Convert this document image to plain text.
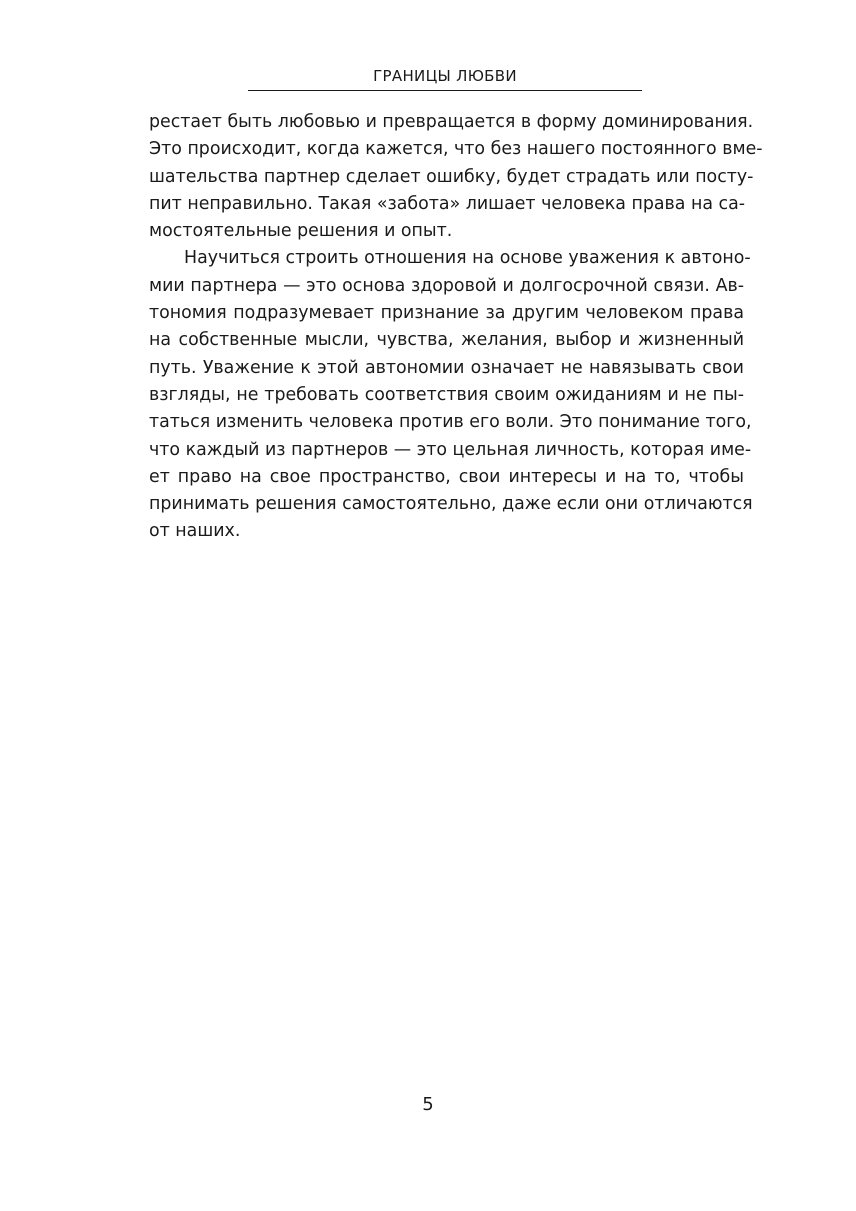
ГРАНИЦЫ ЛЮБВИ
рестает быть любовью и превращается в форму доминирования.
Это происходит, когда кажется, что без нашего постоянного вме-
шательства партнер сделает ошибку, будет страдать или посту-
пит неправильно. Такая «забота» лишает человека права на са-
мостоятельные решения и опыт.
Научиться строить отношения на основе уважения к автоно-
мии партнера — это основа здоровой и долгосрочной связи. Ав-
тономия подразумевает признание за другим человеком права
на собственные мысли, чувства, желания, выбор и жизненный
путь. Уважение к этой автономии означает не навязывать свои
взгляды, не требовать соответствия своим ожиданиям и не пы-
таться изменить человека против его воли. Это понимание того,
что каждый из партнеров — это цельная личность, которая име-
ет право на свое пространство, свои интересы и на то, чтобы
принимать решения самостоятельно, даже если они отличаются
от наших.
5
